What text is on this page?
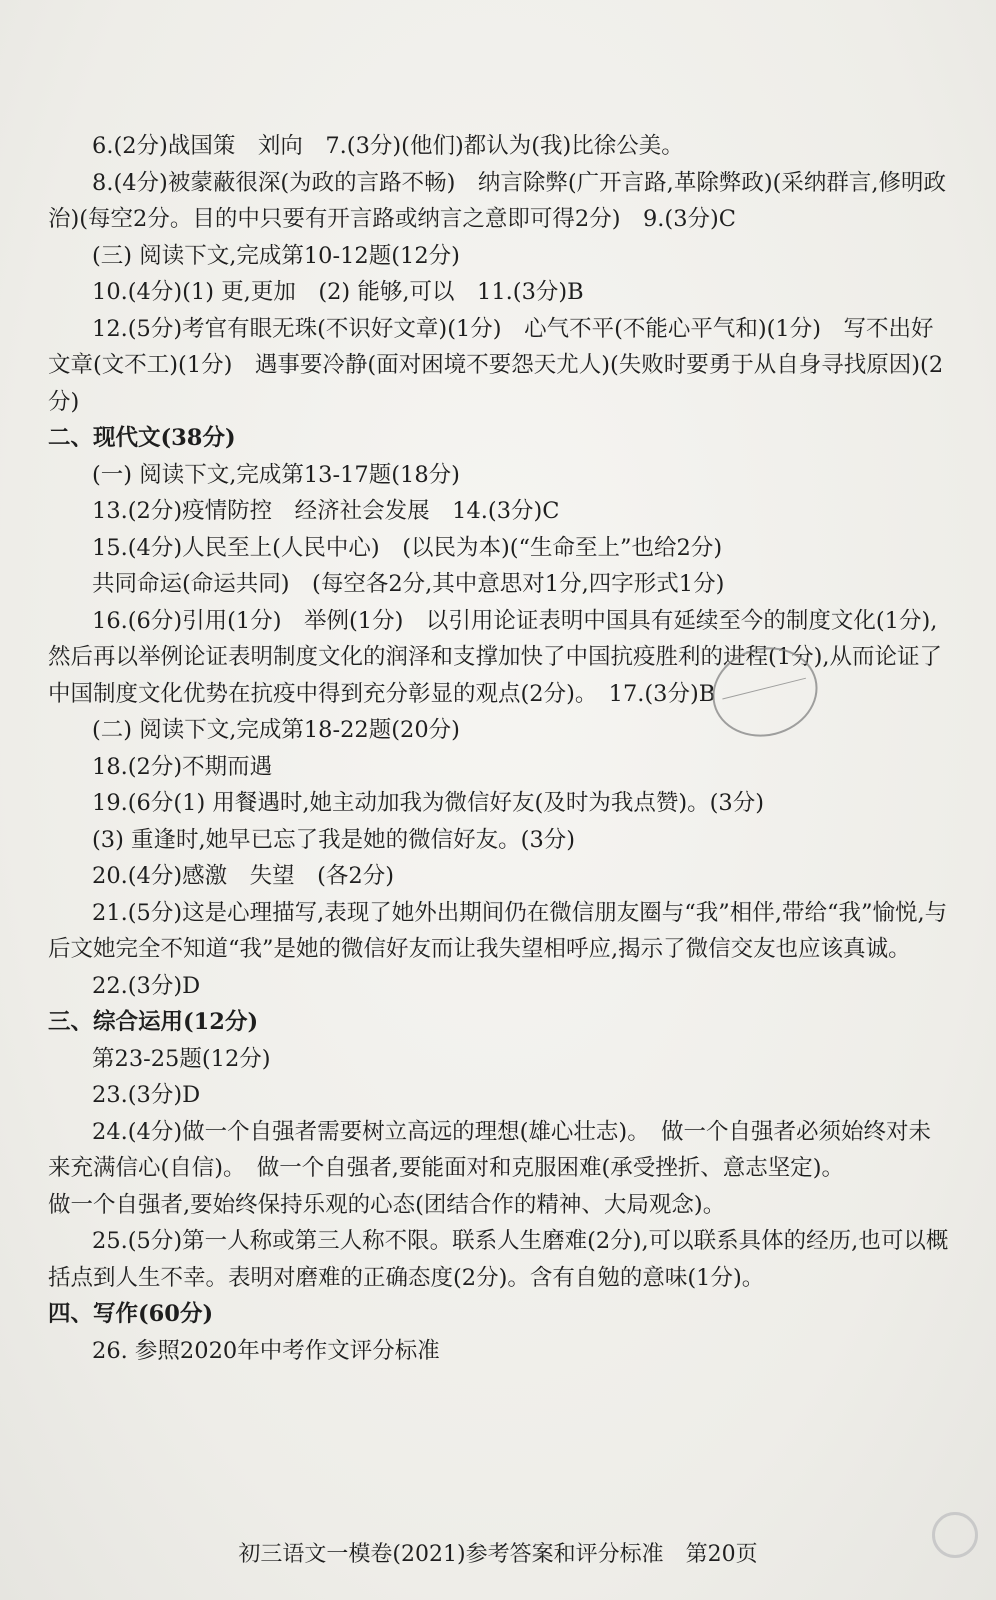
6.(2分)战国策　刘向　7.(3分)(他们)都认为(我)比徐公美。

8.(4分)被蒙蔽很深(为政的言路不畅)　纳言除弊(广开言路,革除弊政)(采纳群言,修明政治)(每空2分。目的中只要有开言路或纳言之意即可得2分)　9.(3分)C

(三) 阅读下文,完成第10-12题(12分)

10.(4分)(1) 更,更加　(2) 能够,可以　11.(3分)B

12.(5分)考官有眼无珠(不识好文章)(1分)　心气不平(不能心平气和)(1分)　写不出好文章(文不工)(1分)　遇事要冷静(面对困境不要怨天尤人)(失败时要勇于从自身寻找原因)(2分)

二、现代文(38分)

(一) 阅读下文,完成第13-17题(18分)

13.(2分)疫情防控　经济社会发展　14.(3分)C

15.(4分)人民至上(人民中心)　(以民为本)(“生命至上”也给2分)

共同命运(命运共同)　(每空各2分,其中意思对1分,四字形式1分)

16.(6分)引用(1分)　举例(1分)　以引用论证表明中国具有延续至今的制度文化(1分),然后再以举例论证表明制度文化的润泽和支撑加快了中国抗疫胜利的进程(1分),从而论证了中国制度文化优势在抗疫中得到充分彰显的观点(2分)。　17.(3分)B

(二) 阅读下文,完成第18-22题(20分)

18.(2分)不期而遇

19.(6分(1) 用餐遇时,她主动加我为微信好友(及时为我点赞)。(3分)

(3) 重逢时,她早已忘了我是她的微信好友。(3分)

20.(4分)感激　失望　(各2分)

21.(5分)这是心理描写,表现了她外出期间仍在微信朋友圈与“我”相伴,带给“我”愉悦,与后文她完全不知道“我”是她的微信好友而让我失望相呼应,揭示了微信交友也应该真诚。

22.(3分)D

三、综合运用(12分)

第23-25题(12分)

23.(3分)D

24.(4分)做一个自强者需要树立高远的理想(雄心壮志)。　做一个自强者必须始终对未来充满信心(自信)。　做一个自强者,要能面对和克服困难(承受挫折、意志坚定)。

做一个自强者,要始终保持乐观的心态(团结合作的精神、大局观念)。

25.(5分)第一人称或第三人称不限。联系人生磨难(2分),可以联系具体的经历,也可以概括点到人生不幸。表明对磨难的正确态度(2分)。含有自勉的意味(1分)。

四、写作(60分)

26. 参照2020年中考作文评分标准

初三语文一模卷(2021)参考答案和评分标准　第20页
